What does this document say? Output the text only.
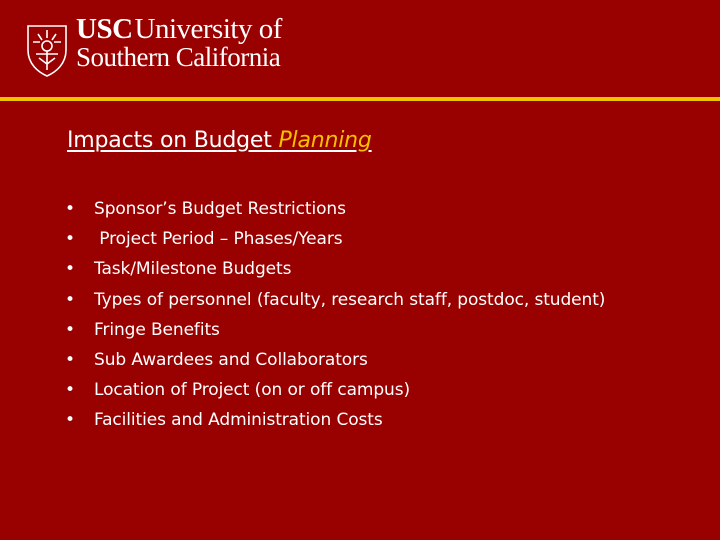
USCUniversity of
Southern California
Impacts on Budget Planning
• Sponsor’s Budget Restrictions
• Project Period – Phases/Years
• Task/Milestone Budgets
• Types of personnel (faculty, research staff, postdoc, student)
• Fringe Benefits
• Sub Awardees and Collaborators
• Location of Project (on or off campus)
• Facilities and Administration Costs
